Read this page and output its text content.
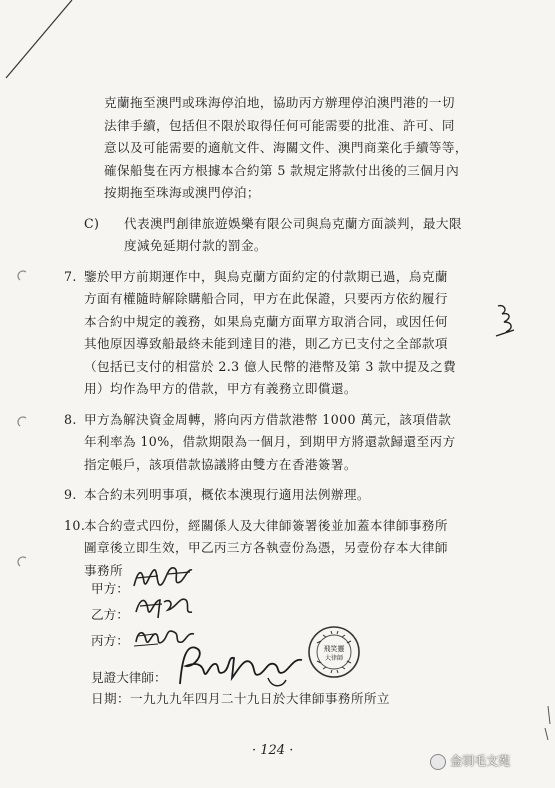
克蘭拖至澳門或珠海停泊地，協助丙方辦理停泊澳門港的一切

法律手續，包括但不限於取得任何可能需要的批准、許可、同

意以及可能需要的適航文件、海關文件、澳門商業化手續等等，

確保船隻在丙方根據本合約第 5 款規定將款付出後的三個月內

按期拖至珠海或澳門停泊；

C)	代表澳門創律旅遊娛樂有限公司與烏克蘭方面談判，最大限

度減免延期付款的罰金。

7. 鑒於甲方前期運作中，與烏克蘭方面約定的付款期已過，烏克蘭

方面有權隨時解除購船合同，甲方在此保證，只要丙方依約履行

本合約中規定的義務，如果烏克蘭方面單方取消合同，或因任何

其他原因導致船最終未能到達目的港，則乙方已支付之全部款項

（包括已支付的相當於 2.3 億人民幣的港幣及第 3 款中提及之費

用）均作為甲方的借款，甲方有義務立即償還。

8. 甲方為解決資金周轉，將向丙方借款港幣 1000 萬元，該項借款

年利率為 10%，借款期限為一個月，到期甲方將還款歸還至丙方

指定帳戶，該項借款協議將由雙方在香港簽署。

9. 本合約未列明事項，概依本澳現行適用法例辦理。

10.

本合約壹式四份，經關係人及大律師簽署後並加蓋本律師事務所

圖章後立即生效，甲乙丙三方各執壹份為憑，另壹份存本大律師

事務所

甲方：
乙方：
丙方：
見證大律師：
飛笑靈
大律師
日期：一九九九年四月二十九日於大律師事務所所立
· 124 ·
金羽毛文苑
